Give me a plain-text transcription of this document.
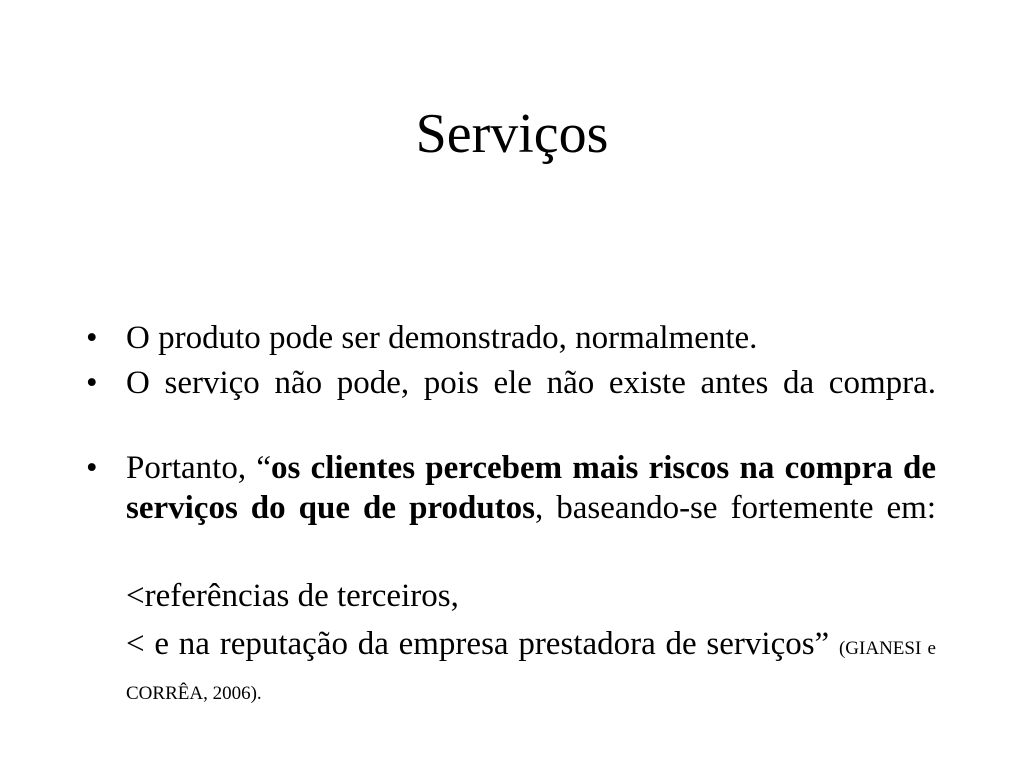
Serviços
• O produto pode ser demonstrado, normalmente.
• O serviço não pode, pois ele não existe antes da compra.
• Portanto, “os clientes percebem mais riscos na compra de serviços do que de produtos, baseando-se fortemente em:
<referências de terceiros,
< e na reputação da empresa prestadora de serviços” (GIANESI e CORRÊA, 2006).
